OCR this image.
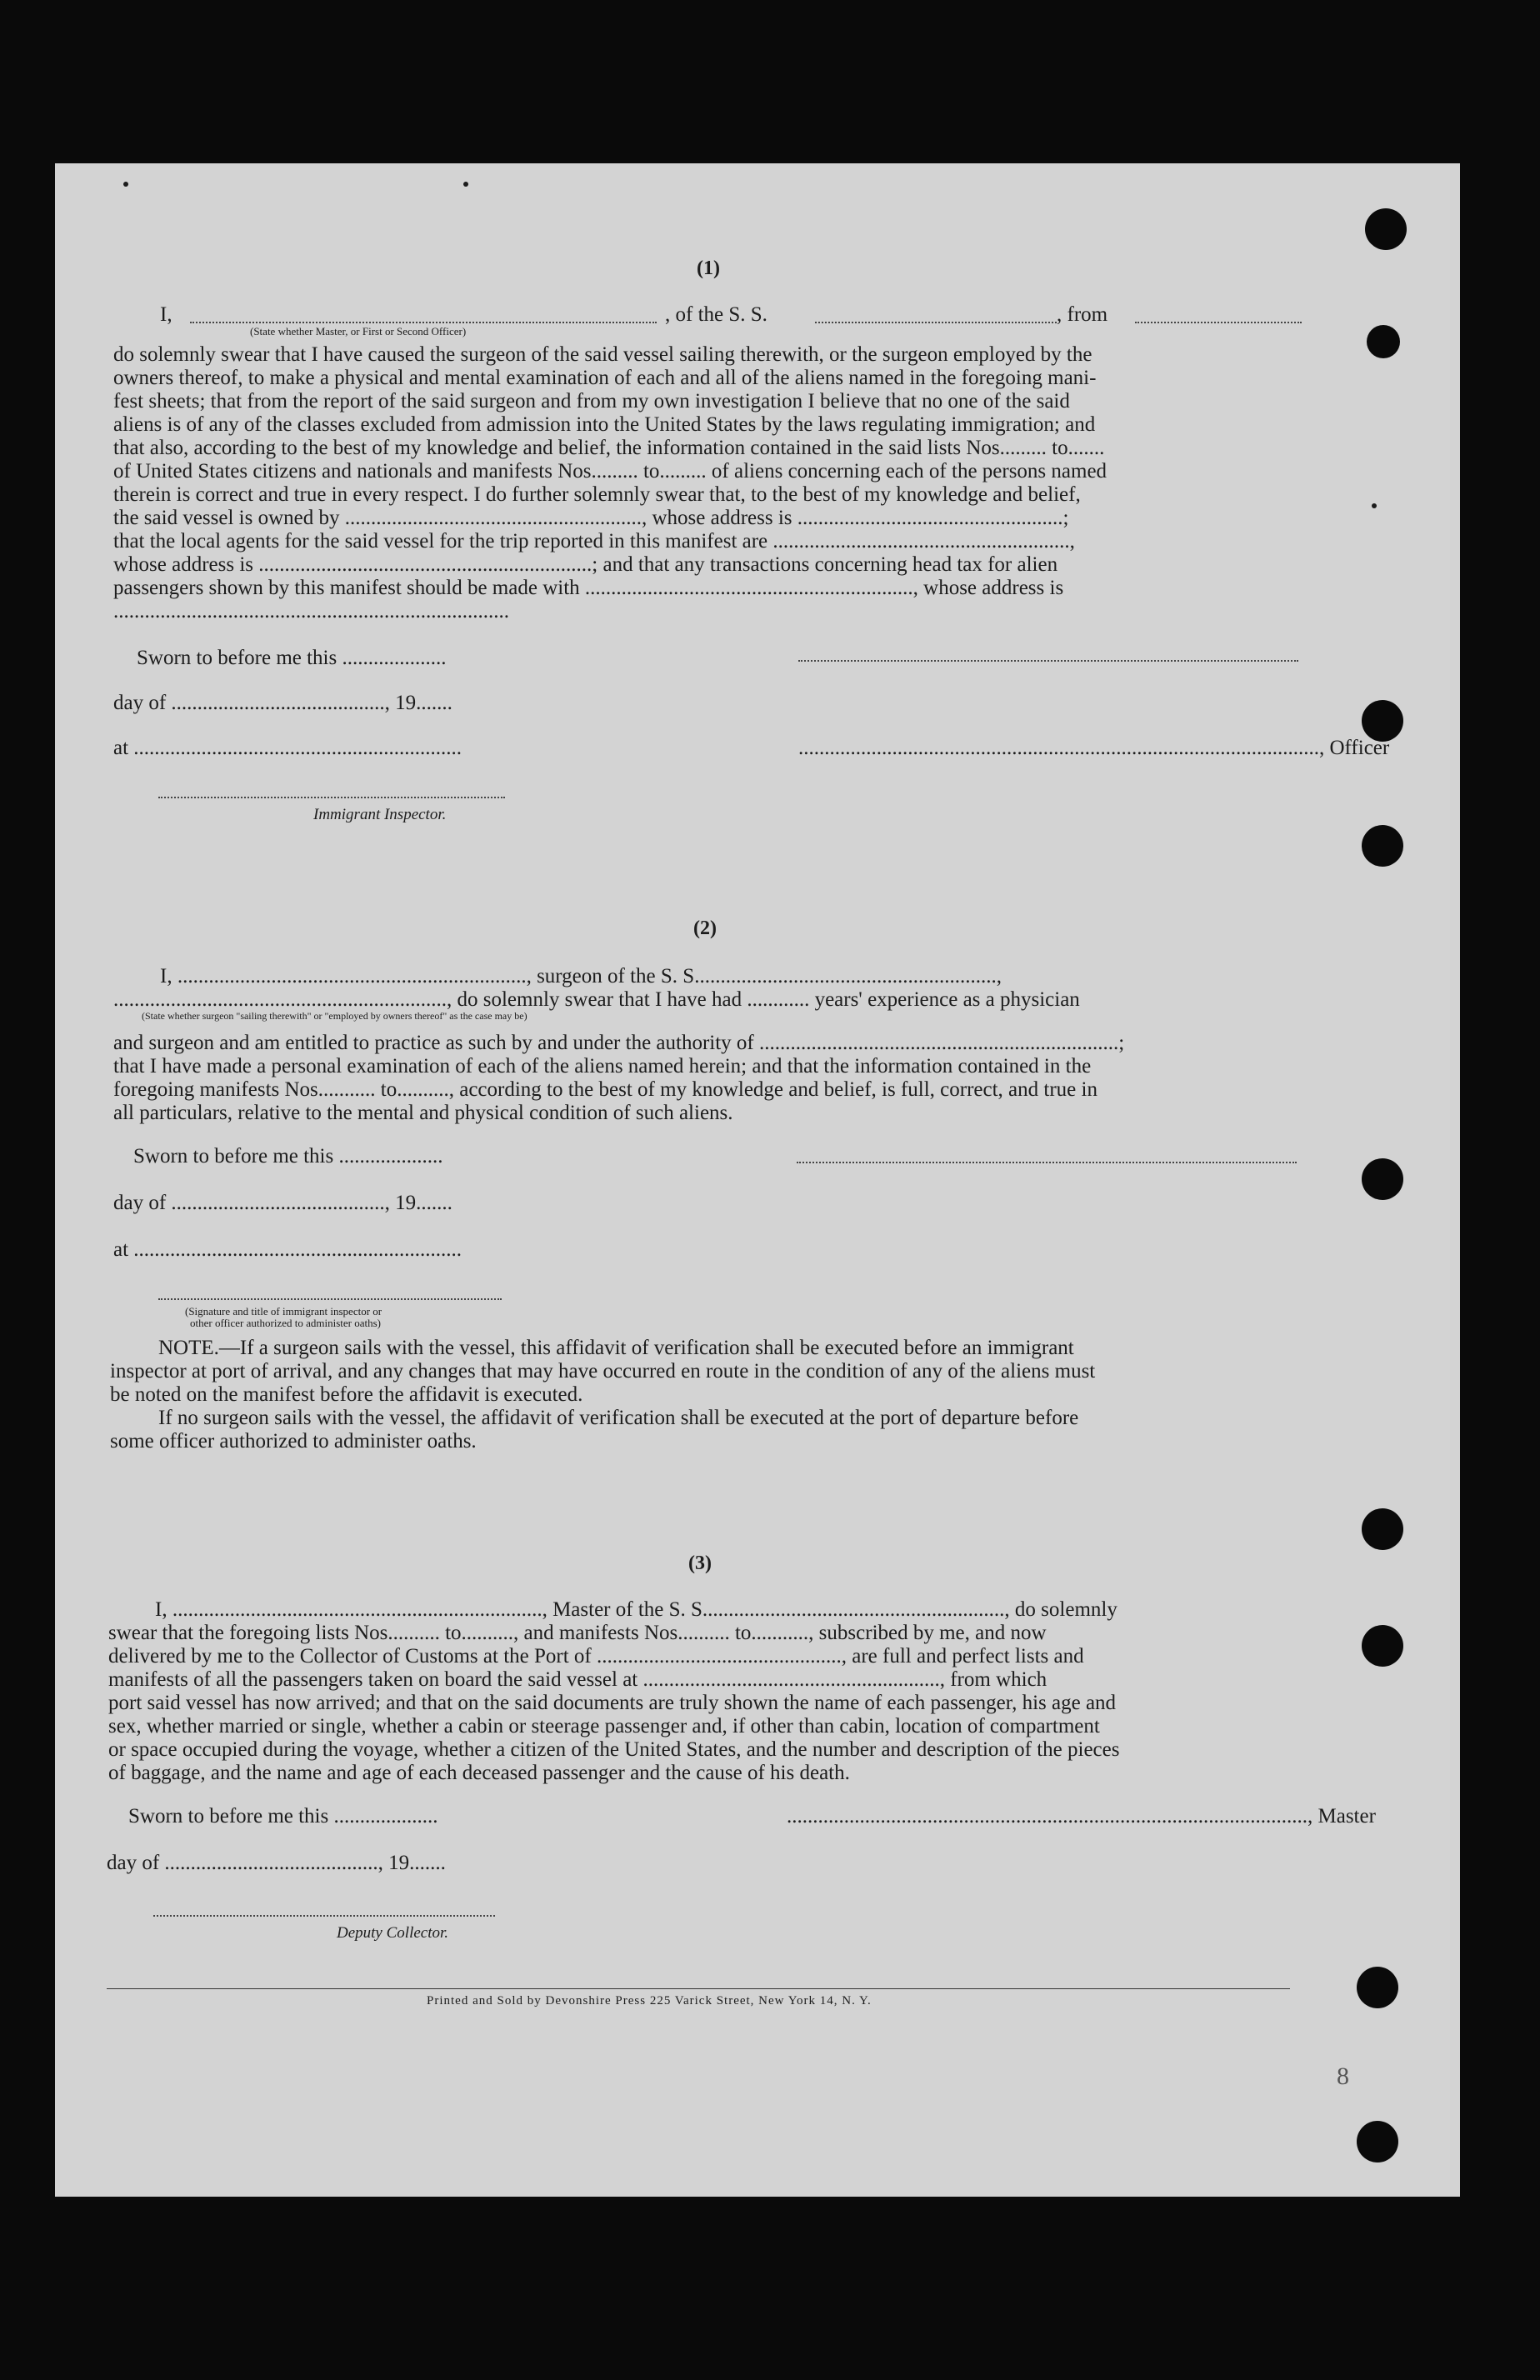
(1)
I,	, of the S. S.	, from
(State whether Master, or First or Second Officer)
do solemnly swear that I have caused the surgeon of the said vessel sailing therewith, or the surgeon employed by the
owners thereof, to make a physical and mental examination of each and all of the aliens named in the foregoing mani-
fest sheets; that from the report of the said surgeon and from my own investigation I believe that no one of the said
aliens is of any of the classes excluded from admission into the United States by the laws regulating immigration; and
that also, according to the best of my knowledge and belief, the information contained in the said lists Nos......... to.......
of United States citizens and nationals and manifests Nos......... to......... of aliens concerning each of the persons named
therein is correct and true in every respect. I do further solemnly swear that, to the best of my knowledge and belief,
the said vessel is owned by ........................................................., whose address is ...................................................;
that the local agents for the said vessel for the trip reported in this manifest are .........................................................,
whose address is ................................................................; and that any transactions concerning head tax for alien
passengers shown by this manifest should be made with ..............................................................., whose address is
............................................................................
Sworn to before me this ....................
day of ........................................., 19.......
at ...............................................................
Immigrant Inspector.
...................................................................................................., Officer
(2)
I, ..................................................................., surgeon of the S. S..........................................................,
................................................................, do solemnly swear that I have had ............ years' experience as a physician
(State whether surgeon "sailing therewith" or "employed by owners thereof" as the case may be)
and surgeon and am entitled to practice as such by and under the authority of .....................................................................;
that I have made a personal examination of each of the aliens named herein; and that the information contained in the
foregoing manifests Nos........... to.........., according to the best of my knowledge and belief, is full, correct, and true in
all particulars, relative to the mental and physical condition of such aliens.
Sworn to before me this ....................
day of ........................................., 19.......
at ...............................................................
(Signature and title of immigrant inspector or
other officer authorized to administer oaths)
NOTE.—If a surgeon sails with the vessel, this affidavit of verification shall be executed before an immigrant
inspector at port of arrival, and any changes that may have occurred en route in the condition of any of the aliens must
be noted on the manifest before the affidavit is executed.
If no surgeon sails with the vessel, the affidavit of verification shall be executed at the port of departure before
some officer authorized to administer oaths.
(3)
I, ......................................................................., Master of the S. S.........................................................., do solemnly
swear that the foregoing lists Nos.......... to.........., and manifests Nos.......... to..........., subscribed by me, and now
delivered by me to the Collector of Customs at the Port of ..............................................., are full and perfect lists and
manifests of all the passengers taken on board the said vessel at ........................................................., from which
port said vessel has now arrived; and that on the said documents are truly shown the name of each passenger, his age and
sex, whether married or single, whether a cabin or steerage passenger and, if other than cabin, location of compartment
or space occupied during the voyage, whether a citizen of the United States, and the number and description of the pieces
of baggage, and the name and age of each deceased passenger and the cause of his death.
Sworn to before me this ....................	...................................................................................................., Master
day of ........................................., 19.......
Deputy Collector.
Printed and Sold by Devonshire Press 225 Varick Street, New York 14, N. Y.
8
